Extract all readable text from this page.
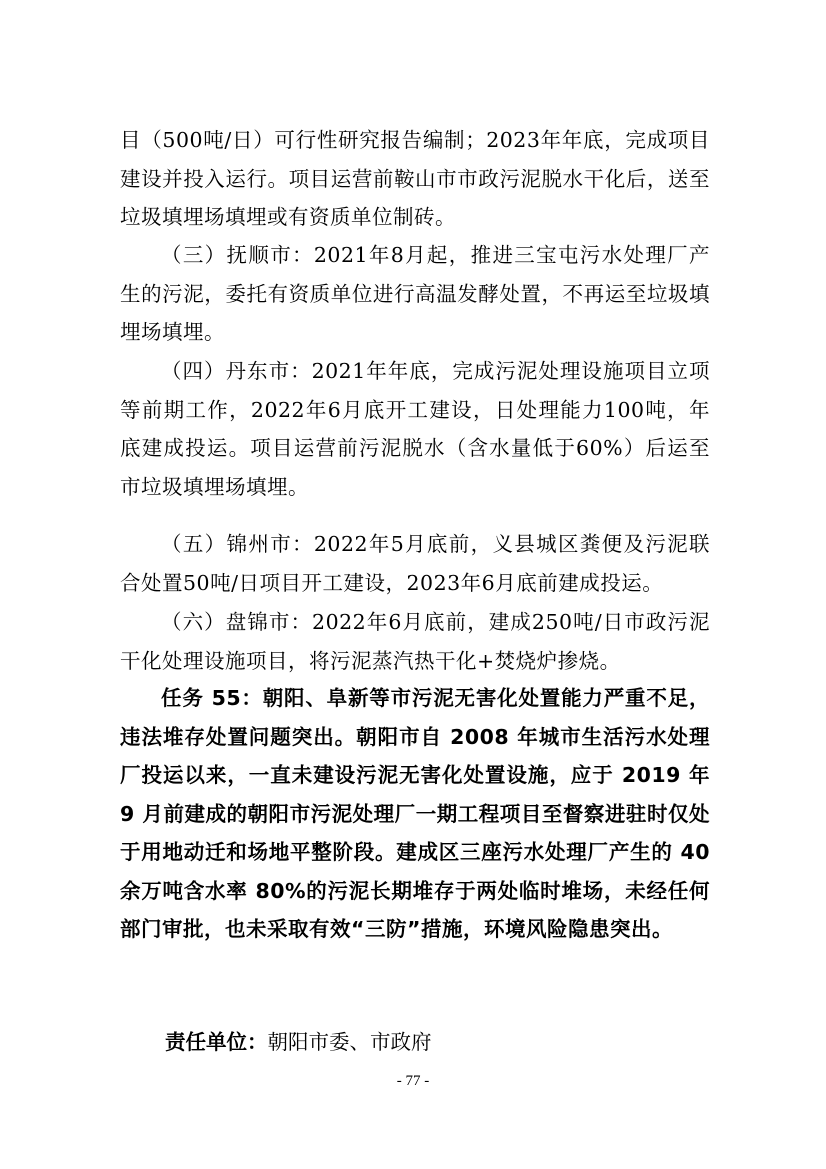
目（500吨/日）可行性研究报告编制；2023年年底，完成项目建设并投入运行。项目运营前鞍山市市政污泥脱水干化后，送至垃圾填埋场填埋或有资质单位制砖。

（三）抚顺市：2021年8月起，推进三宝屯污水处理厂产生的污泥，委托有资质单位进行高温发酵处置，不再运至垃圾填埋场填埋。

（四）丹东市：2021年年底，完成污泥处理设施项目立项等前期工作，2022年6月底开工建设，日处理能力100吨，年底建成投运。项目运营前污泥脱水（含水量低于60%）后运至市垃圾填埋场填埋。

（五）锦州市：2022年5月底前，义县城区粪便及污泥联合处置50吨/日项目开工建设，2023年6月底前建成投运。

（六）盘锦市：2022年6月底前，建成250吨/日市政污泥干化处理设施项目，将污泥蒸汽热干化+焚烧炉掺烧。

任务 55：朝阳、阜新等市污泥无害化处置能力严重不足，违法堆存处置问题突出。朝阳市自 2008 年城市生活污水处理厂投运以来，一直未建设污泥无害化处置设施，应于 2019 年 9 月前建成的朝阳市污泥处理厂一期工程项目至督察进驻时仅处于用地动迁和场地平整阶段。建成区三座污水处理厂产生的 40 余万吨含水率 80%的污泥长期堆存于两处临时堆场，未经任何部门审批，也未采取有效“三防”措施，环境风险隐患突出。

责任单位：朝阳市委、市政府

- 77 -
